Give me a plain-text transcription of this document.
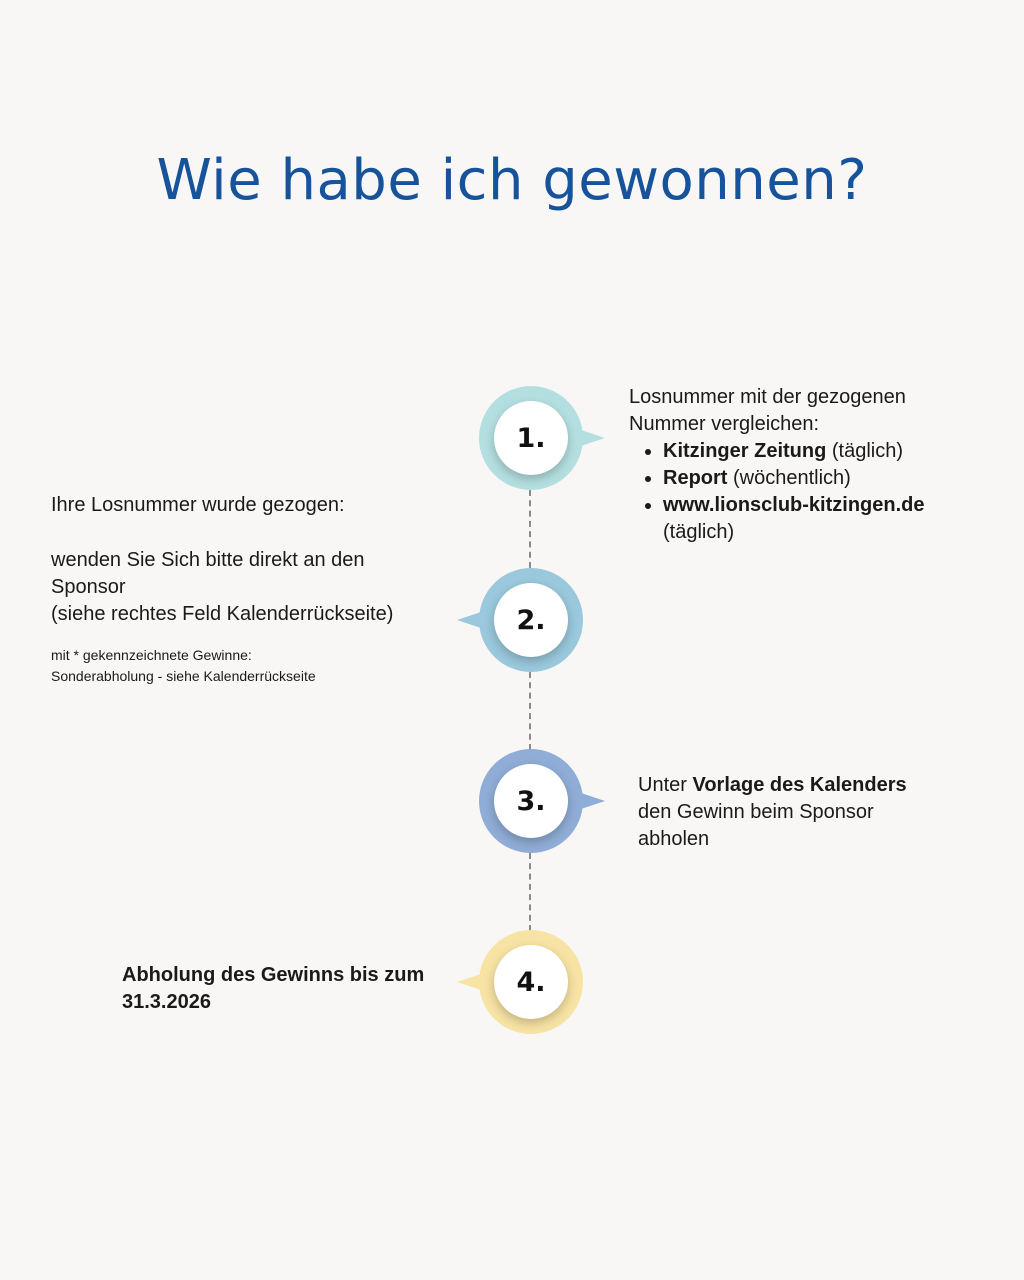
Wie habe ich gewonnen?
1.
2.
3.
4.

Losnummer mit der gezogenen Nummer vergleichen:

• Kitzinger Zeitung (täglich)
• Report (wöchentlich)
• www.lionsclub-kitzingen.de (täglich)

Ihre Losnummer wurde gezogen:

wenden Sie Sich bitte direkt an den Sponsor

(siehe rechtes Feld Kalenderrückseite)

mit * gekennzeichnete Gewinne:

Sonderabholung - siehe Kalenderrückseite

Unter Vorlage des Kalenders den Gewinn beim Sponsor abholen

Abholung des Gewinns bis zum 31.3.2026
